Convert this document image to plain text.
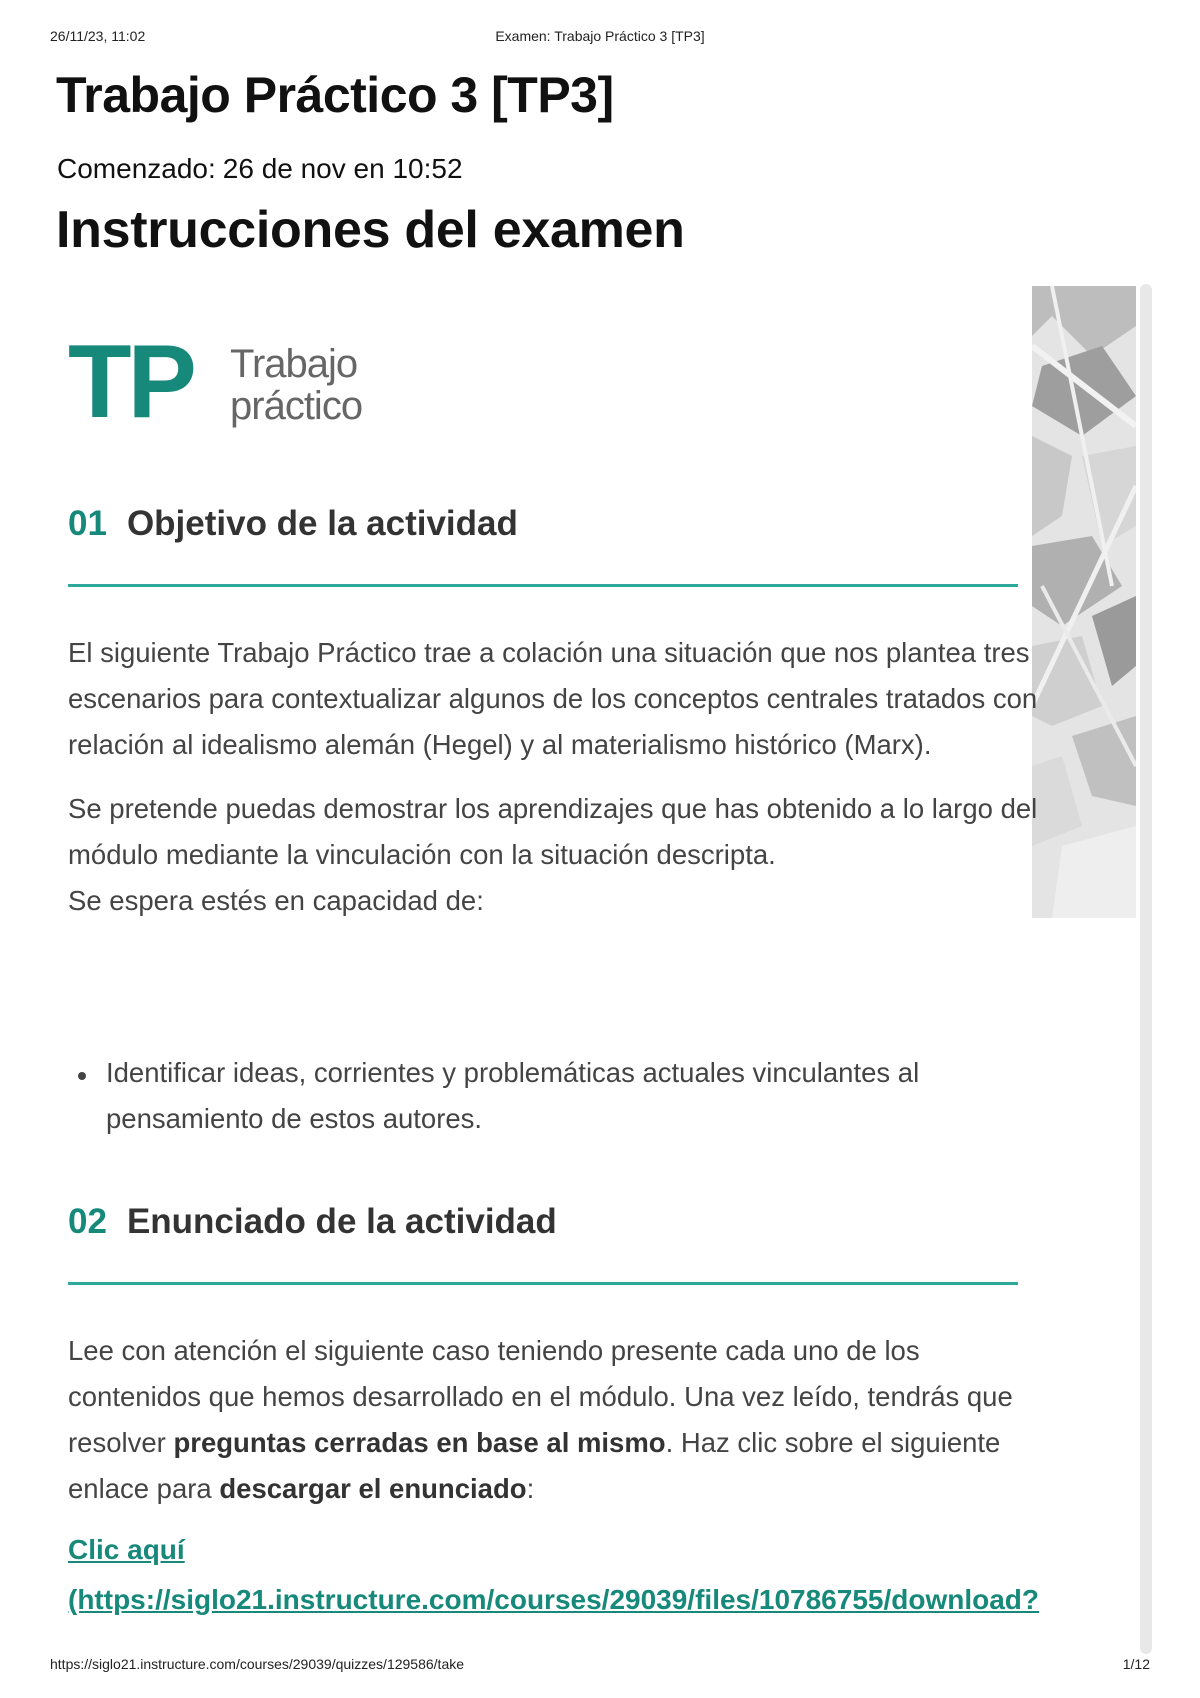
26/11/23, 11:02	Examen: Trabajo Práctico 3 [TP3]
Trabajo Práctico 3 [TP3]
Comenzado: 26 de nov en 10:52
Instrucciones del examen
TP Trabajo
práctico
01 Objetivo de la actividad

El siguiente Trabajo Práctico trae a colación una situación que nos plantea tres escenarios para contextualizar algunos de los conceptos centrales tratados con relación al idealismo alemán (Hegel) y al materialismo histórico (Marx).

Se pretende puedas demostrar los aprendizajes que has obtenido a lo largo del módulo mediante la vinculación con la situación descripta.
Se espera estés en capacidad de:

Identificar ideas, corrientes y problemáticas actuales vinculantes al pensamiento de estos autores.
02 Enunciado de la actividad

Lee con atención el siguiente caso teniendo presente cada uno de los contenidos que hemos desarrollado en el módulo. Una vez leído, tendrás que resolver preguntas cerradas en base al mismo. Haz clic sobre el siguiente enlace para descargar el enunciado:

Clic aquí
(https://siglo21.instructure.com/courses/29039/files/10786755/download?
https://siglo21.instructure.com/courses/29039/quizzes/129586/take	1/12
